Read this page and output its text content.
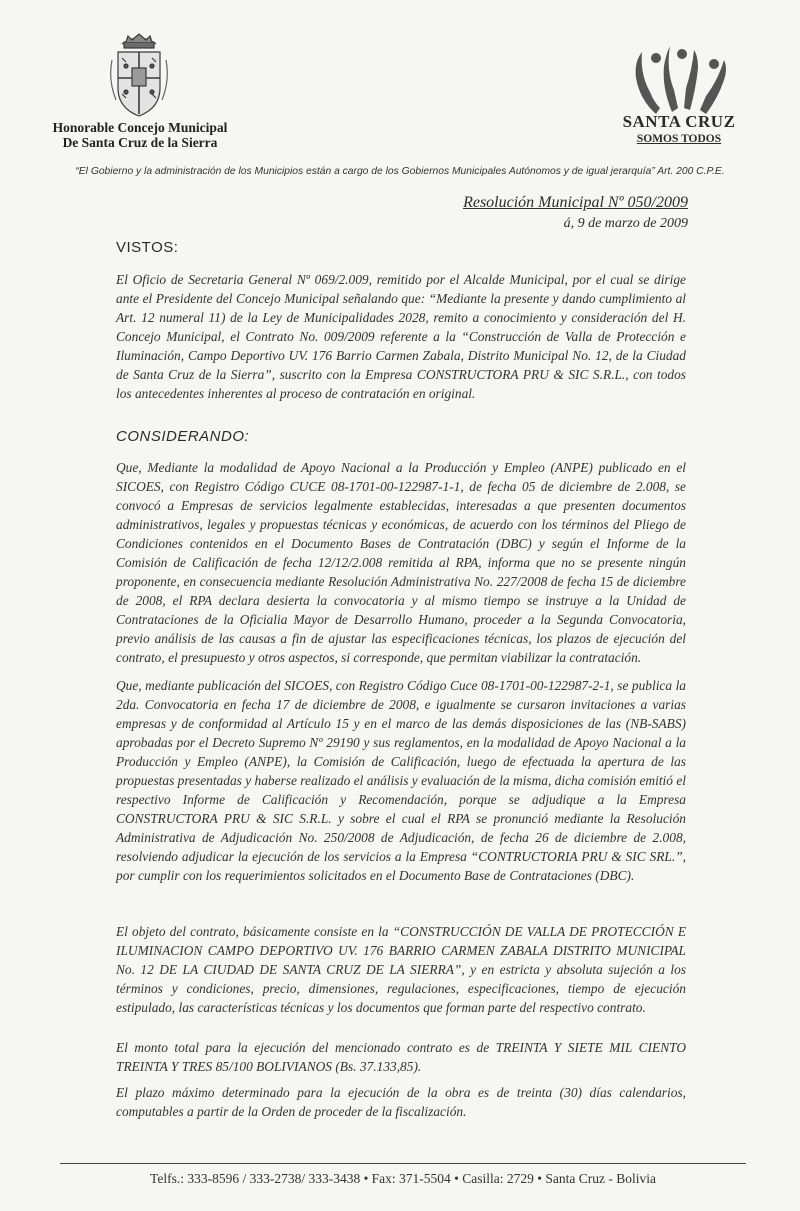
Honorable Concejo Municipal
De Santa Cruz de la Sierra
SANTA CRUZ
SOMOS TODOS
“El Gobierno y la administración de los Municipios están a cargo de los Gobiernos Municipales Autónomos y de igual jerarquía” Art. 200 C.P.E.
Resolución Municipal Nº 050/2009
á, 9 de marzo de 2009
VISTOS:

El Oficio de Secretaria General Nº 069/2.009, remitido por el Alcalde Municipal, por el cual se dirige ante el Presidente del Concejo Municipal señalando que: “Mediante la presente y dando cumplimiento al Art. 12 numeral 11) de la Ley de Municipalidades 2028, remito a conocimiento y consideración del H. Concejo Municipal, el Contrato No. 009/2009 referente a la “Construcción de Valla de Protección e Iluminación, Campo Deportivo UV. 176 Barrio Carmen Zabala, Distrito Municipal No. 12, de la Ciudad de Santa Cruz de la Sierra”, suscrito con la Empresa CONSTRUCTORA PRU & SIC S.R.L., con todos los antecedentes inherentes al proceso de contratación en original.

CONSIDERANDO:

Que, Mediante la modalidad de Apoyo Nacional a la Producción y Empleo (ANPE) publicado en el SICOES, con Registro Código CUCE 08-1701-00-122987-1-1, de fecha 05 de diciembre de 2.008, se convocó a Empresas de servicios legalmente establecidas, interesadas a que presenten documentos administrativos, legales y propuestas técnicas y económicas, de acuerdo con los términos del Pliego de Condiciones contenidos en el Documento Bases de Contratación (DBC) y según el Informe de la Comisión de Calificación de fecha 12/12/2.008 remitida al RPA, informa que no se presente ningún proponente, en consecuencia mediante Resolución Administrativa No. 227/2008 de fecha 15 de diciembre de 2008, el RPA declara desierta la convocatoria y al mismo tiempo se instruye a la Unidad de Contrataciones de la Oficialia Mayor de Desarrollo Humano, proceder a la Segunda Convocatoria, previo análisis de las causas a fin de ajustar las especificaciones técnicas, los plazos de ejecución del contrato, el presupuesto y otros aspectos, si corresponde, que permitan viabilizar la contratación.

Que, mediante publicación del SICOES, con Registro Código Cuce 08-1701-00-122987-2-1, se publica la 2da. Convocatoria en fecha 17 de diciembre de 2008, e igualmente se cursaron invitaciones a varias empresas y de conformidad al Artículo 15 y en el marco de las demás disposiciones de las (NB-SABS) aprobadas por el Decreto Supremo Nº 29190 y sus reglamentos, en la modalidad de Apoyo Nacional a la Producción y Empleo (ANPE), la Comisión de Calificación, luego de efectuada la apertura de las propuestas presentadas y haberse realizado el análisis y evaluación de la misma, dicha comisión emitió el respectivo Informe de Calificación y Recomendación, porque se adjudique a la Empresa CONSTRUCTORA PRU & SIC S.R.L. y sobre el cual el RPA se pronunció mediante la Resolución Administrativa de Adjudicación No. 250/2008 de Adjudicación, de fecha 26 de diciembre de 2.008, resolviendo adjudicar la ejecución de los servicios a la Empresa “CONTRUCTORIA PRU & SIC SRL.”, por cumplir con los requerimientos solicitados en el Documento Base de Contrataciones (DBC).

El objeto del contrato, básicamente consiste en la “CONSTRUCCIÓN DE VALLA DE PROTECCIÓN E ILUMINACION CAMPO DEPORTIVO UV. 176 BARRIO CARMEN ZABALA DISTRITO MUNICIPAL No. 12 DE LA CIUDAD DE SANTA CRUZ DE LA SIERRA”, y en estricta y absoluta sujeción a los términos y condiciones, precio, dimensiones, regulaciones, especificaciones, tiempo de ejecución estipulado, las características técnicas y los documentos que forman parte del respectivo contrato.

El monto total para la ejecución del mencionado contrato es de TREINTA Y SIETE MIL CIENTO TREINTA Y TRES 85/100 BOLIVIANOS (Bs. 37.133,85).

El plazo máximo determinado para la ejecución de la obra es de treinta (30) días calendarios, computables a partir de la Orden de proceder de la fiscalización.

Telfs.: 333-8596 / 333-2738/ 333-3438 • Fax: 371-5504 • Casilla: 2729 • Santa Cruz - Bolivia
